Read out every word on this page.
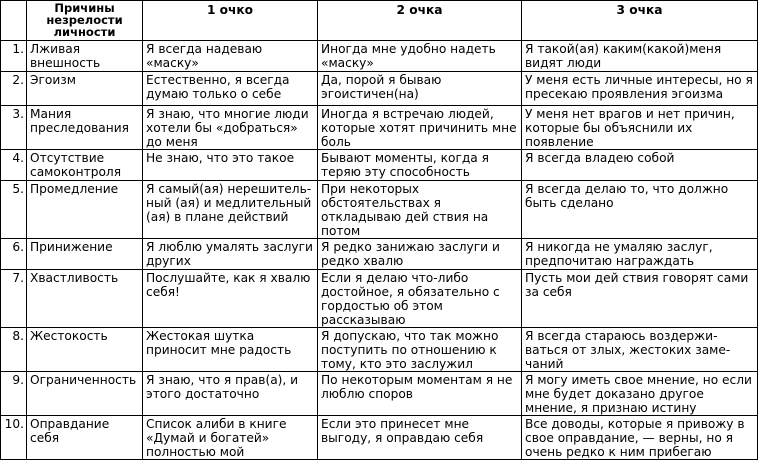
	Причины незрелости личности	1 очко	2 очка	3 очка
1.	Лживая внешность	Я всегда надеваю «маску»	Иногда мне удобно надеть «маску»	Я такой(ая) каким(какой)меня видят люди
2.	Эгоизм	Естественно, я всегда думаю только о себе	Да, порой я бываю эгоистичен(на)	У меня есть личные интересы, но я пресекаю проявления эгоизма
3.	Мания преследования	Я знаю, что многие люди хотели бы «добраться» до меня	Иногда я встречаю людей, которые хотят причинить мне боль	У меня нет врагов и нет причин, которые бы объяснили их появление
4.	Отсутствие самоконтроля	Не знаю, что это такое	Бывают моменты, когда я теряю эту способность	Я всегда владею собой
5.	Промедление	Я самый(ая) нерешитель-ный (ая) и медлительный (ая) в плане действий	При некоторых обстоятельствах я откладываю дей ствия на потом	Я всегда делаю то, что должно быть сделано
6.	Принижение	Я люблю умалять заслуги других	Я редко занижаю заслуги и редко хвалю	Я никогда не умаляю заслуг, предпочитаю награждать
7.	Хвастливость	Послушайте, как я хвалю себя!	Если я делаю что-либо достойное, я обязательно с гордостью об этом рассказываю	Пусть мои дей ствия говорят сами за себя
8.	Жестокость	Жестокая шутка приносит мне радость	Я допускаю, что так можно поступить по отношению к тому, кто это заслужил	Я всегда стараюсь воздержи-ваться от злых, жестоких заме-чаний
9.	Ограниченность	Я знаю, что я прав(а), и этого достаточно	По некоторым моментам я не люблю споров	Я могу иметь свое мнение, но если мне будет доказано другое мнение, я признаю истину
10.	Оправдание себя	Список алиби в книге «Думай и богатей» полностью мой	Если это принесет мне выгоду, я оправдаю себя	Все доводы, которые я привожу в свое оправдание, — верны, но я очень редко к ним прибегаю
